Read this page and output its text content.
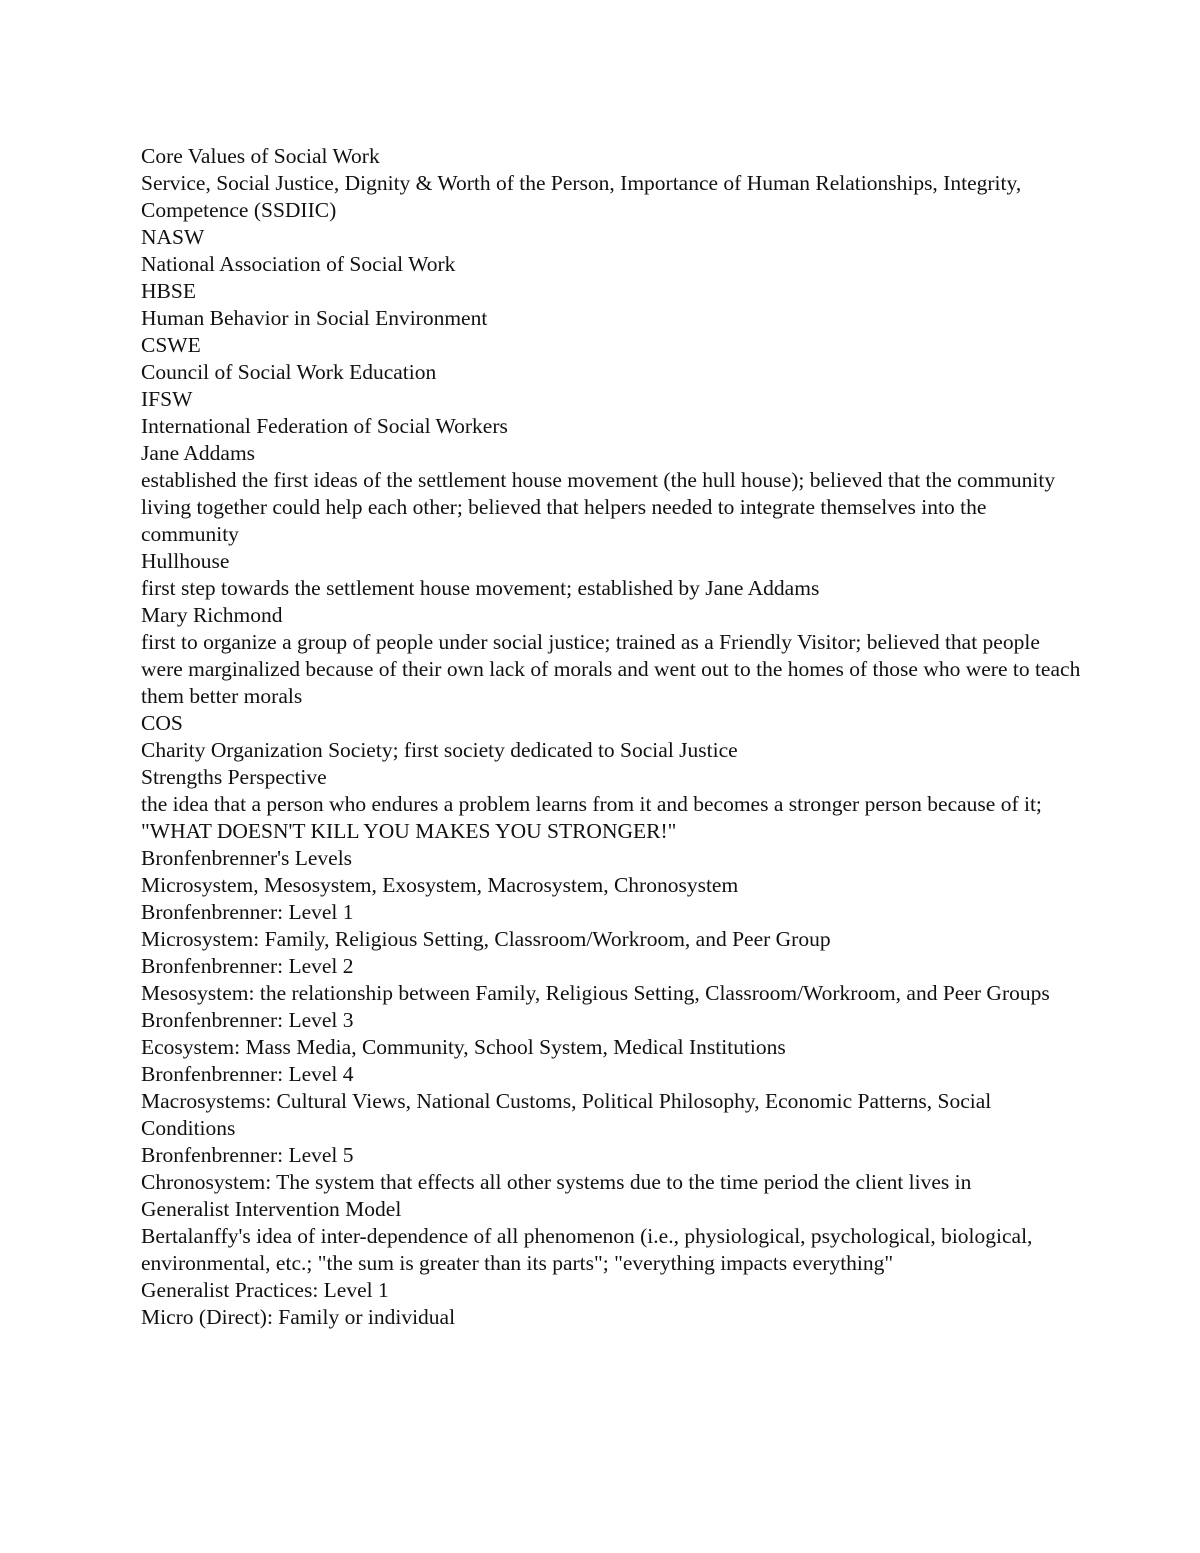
Core Values of Social Work
Service, Social Justice, Dignity & Worth of the Person, Importance of Human Relationships, Integrity, Competence (SSDIIC)
NASW
National Association of Social Work
HBSE
Human Behavior in Social Environment
CSWE
Council of Social Work Education
IFSW
International Federation of Social Workers
Jane Addams
established the first ideas of the settlement house movement (the hull house); believed that the community living together could help each other; believed that helpers needed to integrate themselves into the community
Hullhouse
first step towards the settlement house movement; established by Jane Addams
Mary Richmond
first to organize a group of people under social justice; trained as a Friendly Visitor; believed that people were marginalized because of their own lack of morals and went out to the homes of those who were to teach them better morals
COS
Charity Organization Society; first society dedicated to Social Justice
Strengths Perspective
the idea that a person who endures a problem learns from it and becomes a stronger person because of it; "WHAT DOESN'T KILL YOU MAKES YOU STRONGER!"
Bronfenbrenner's Levels
Microsystem, Mesosystem, Exosystem, Macrosystem, Chronosystem
Bronfenbrenner: Level 1
Microsystem: Family, Religious Setting, Classroom/Workroom, and Peer Group
Bronfenbrenner: Level 2
Mesosystem: the relationship between Family, Religious Setting, Classroom/Workroom, and Peer Groups
Bronfenbrenner: Level 3
Ecosystem: Mass Media, Community, School System, Medical Institutions
Bronfenbrenner: Level 4
Macrosystems: Cultural Views, National Customs, Political Philosophy, Economic Patterns, Social Conditions
Bronfenbrenner: Level 5
Chronosystem: The system that effects all other systems due to the time period the client lives in
Generalist Intervention Model
Bertalanffy's idea of inter-dependence of all phenomenon (i.e., physiological, psychological, biological, environmental, etc.; "the sum is greater than its parts"; "everything impacts everything"
Generalist Practices: Level 1
Micro (Direct): Family or individual
